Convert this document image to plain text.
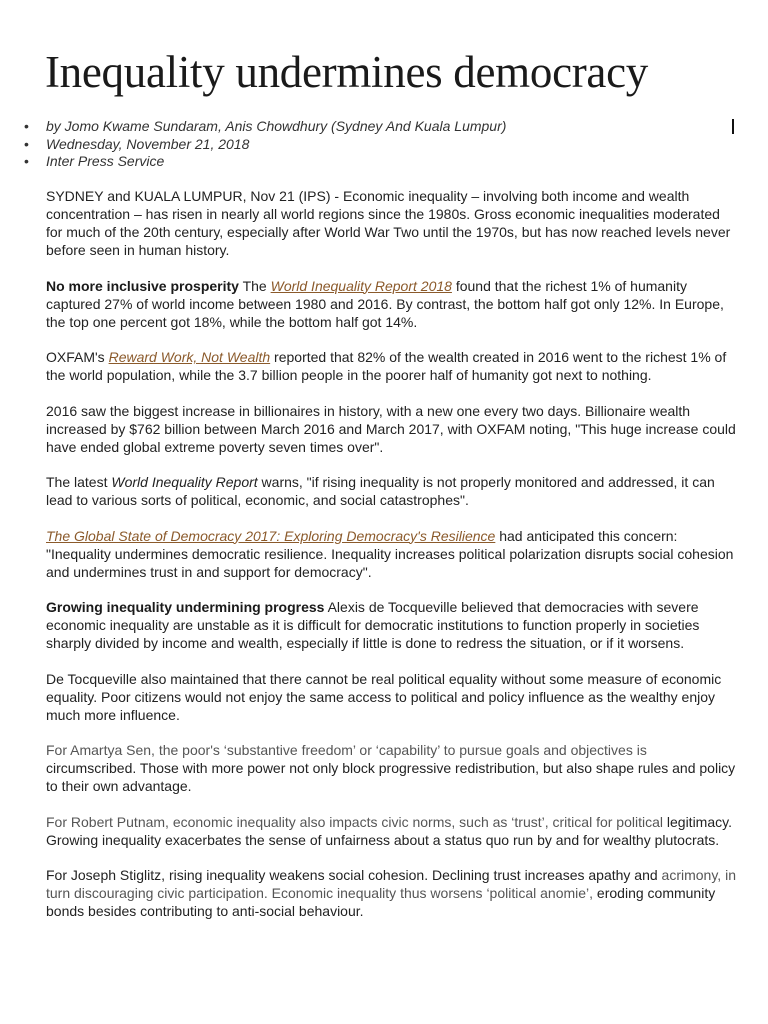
Inequality undermines democracy
• by Jomo Kwame Sundaram, Anis Chowdhury (Sydney And Kuala Lumpur)
• Wednesday, November 21, 2018
• Inter Press Service

SYDNEY and KUALA LUMPUR, Nov 21 (IPS) - Economic inequality – involving both income and wealth concentration – has risen in nearly all world regions since the 1980s. Gross economic inequalities moderated for much of the 20th century, especially after World War Two until the 1970s, but has now reached levels never before seen in human history.

No more inclusive prosperity The World Inequality Report 2018 found that the richest 1% of humanity captured 27% of world income between 1980 and 2016. By contrast, the bottom half got only 12%. In Europe, the top one percent got 18%, while the bottom half got 14%.

OXFAM's Reward Work, Not Wealth reported that 82% of the wealth created in 2016 went to the richest 1% of the world population, while the 3.7 billion people in the poorer half of humanity got next to nothing.

2016 saw the biggest increase in billionaires in history, with a new one every two days. Billionaire wealth increased by $762 billion between March 2016 and March 2017, with OXFAM noting, "This huge increase could have ended global extreme poverty seven times over".

The latest World Inequality Report warns, "if rising inequality is not properly monitored and addressed, it can lead to various sorts of political, economic, and social catastrophes".

The Global State of Democracy 2017: Exploring Democracy's Resilience had anticipated this concern: "Inequality undermines democratic resilience. Inequality increases political polarization disrupts social cohesion and undermines trust in and support for democracy".

Growing inequality undermining progress Alexis de Tocqueville believed that democracies with severe economic inequality are unstable as it is difficult for democratic institutions to function properly in societies sharply divided by income and wealth, especially if little is done to redress the situation, or if it worsens.

De Tocqueville also maintained that there cannot be real political equality without some measure of economic equality. Poor citizens would not enjoy the same access to political and policy influence as the wealthy enjoy much more influence.

For Amartya Sen, the poor's ‘substantive freedom’ or ‘capability’ to pursue goals and objectives is circumscribed. Those with more power not only block progressive redistribution, but also shape rules and policy to their own advantage.

For Robert Putnam, economic inequality also impacts civic norms, such as ‘trust’, critical for political legitimacy. Growing inequality exacerbates the sense of unfairness about a status quo run by and for wealthy plutocrats.

For Joseph Stiglitz, rising inequality weakens social cohesion. Declining trust increases apathy and acrimony, in turn discouraging civic participation. Economic inequality thus worsens ‘political anomie’, eroding community bonds besides contributing to anti-social behaviour.
